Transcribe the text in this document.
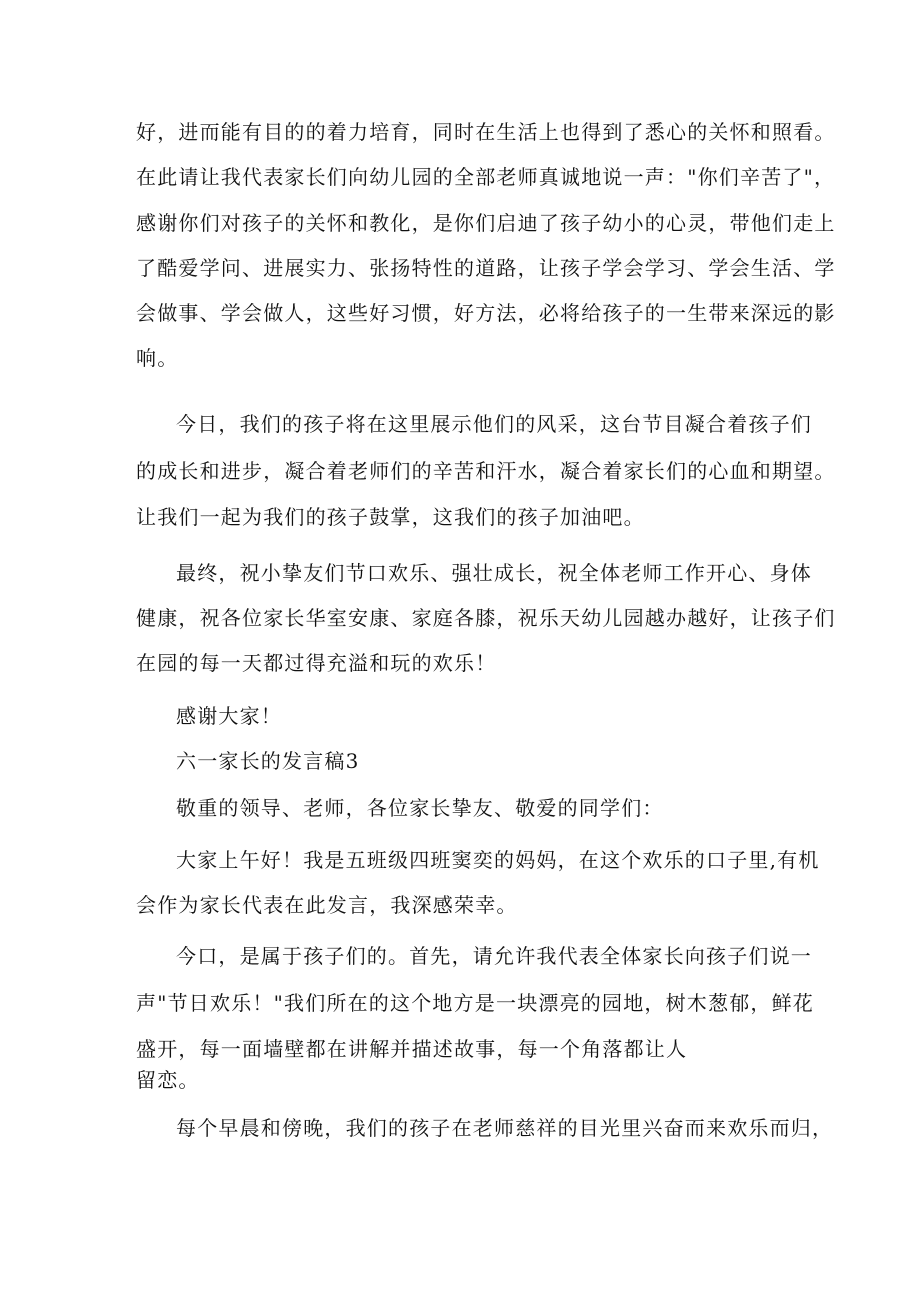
好，进而能有目的的着力培育，同时在生活上也得到了悉心的关怀和照看。
在此请让我代表家长们向幼儿园的全部老师真诚地说一声："你们辛苦了"，
感谢你们对孩子的关怀和教化，是你们启迪了孩子幼小的心灵，带他们走上
了酷爱学问、进展实力、张扬特性的道路，让孩子学会学习、学会生活、学
会做事、学会做人，这些好习惯，好方法，必将给孩子的一生带来深远的影
响。
今日，我们的孩子将在这里展示他们的风采，这台节目凝合着孩子们
的成长和进步，凝合着老师们的辛苦和汗水，凝合着家长们的心血和期望。
让我们一起为我们的孩子鼓掌，这我们的孩子加油吧。
最终，祝小挚友们节口欢乐、强壮成长，祝全体老师工作开心、身体
健康，祝各位家长华室安康、家庭各膝，祝乐天幼儿园越办越好，让孩子们
在园的每一天都过得充溢和玩的欢乐！
感谢大家！
六一家长的发言稿3
敬重的领导、老师，各位家长挚友、敬爱的同学们：
大家上午好！我是五班级四班窦奕的妈妈，在这个欢乐的口子里,有机
会作为家长代表在此发言，我深感荣幸。
今口，是属于孩子们的。首先，请允许我代表全体家长向孩子们说一
声"节日欢乐！"我们所在的这个地方是一块漂亮的园地，树木葱郁，鲜花
盛开，每一面墙壁都在讲解并描述故事，每一个角落都让人
留恋。
每个早晨和傍晚，我们的孩子在老师慈祥的目光里兴奋而来欢乐而归，
